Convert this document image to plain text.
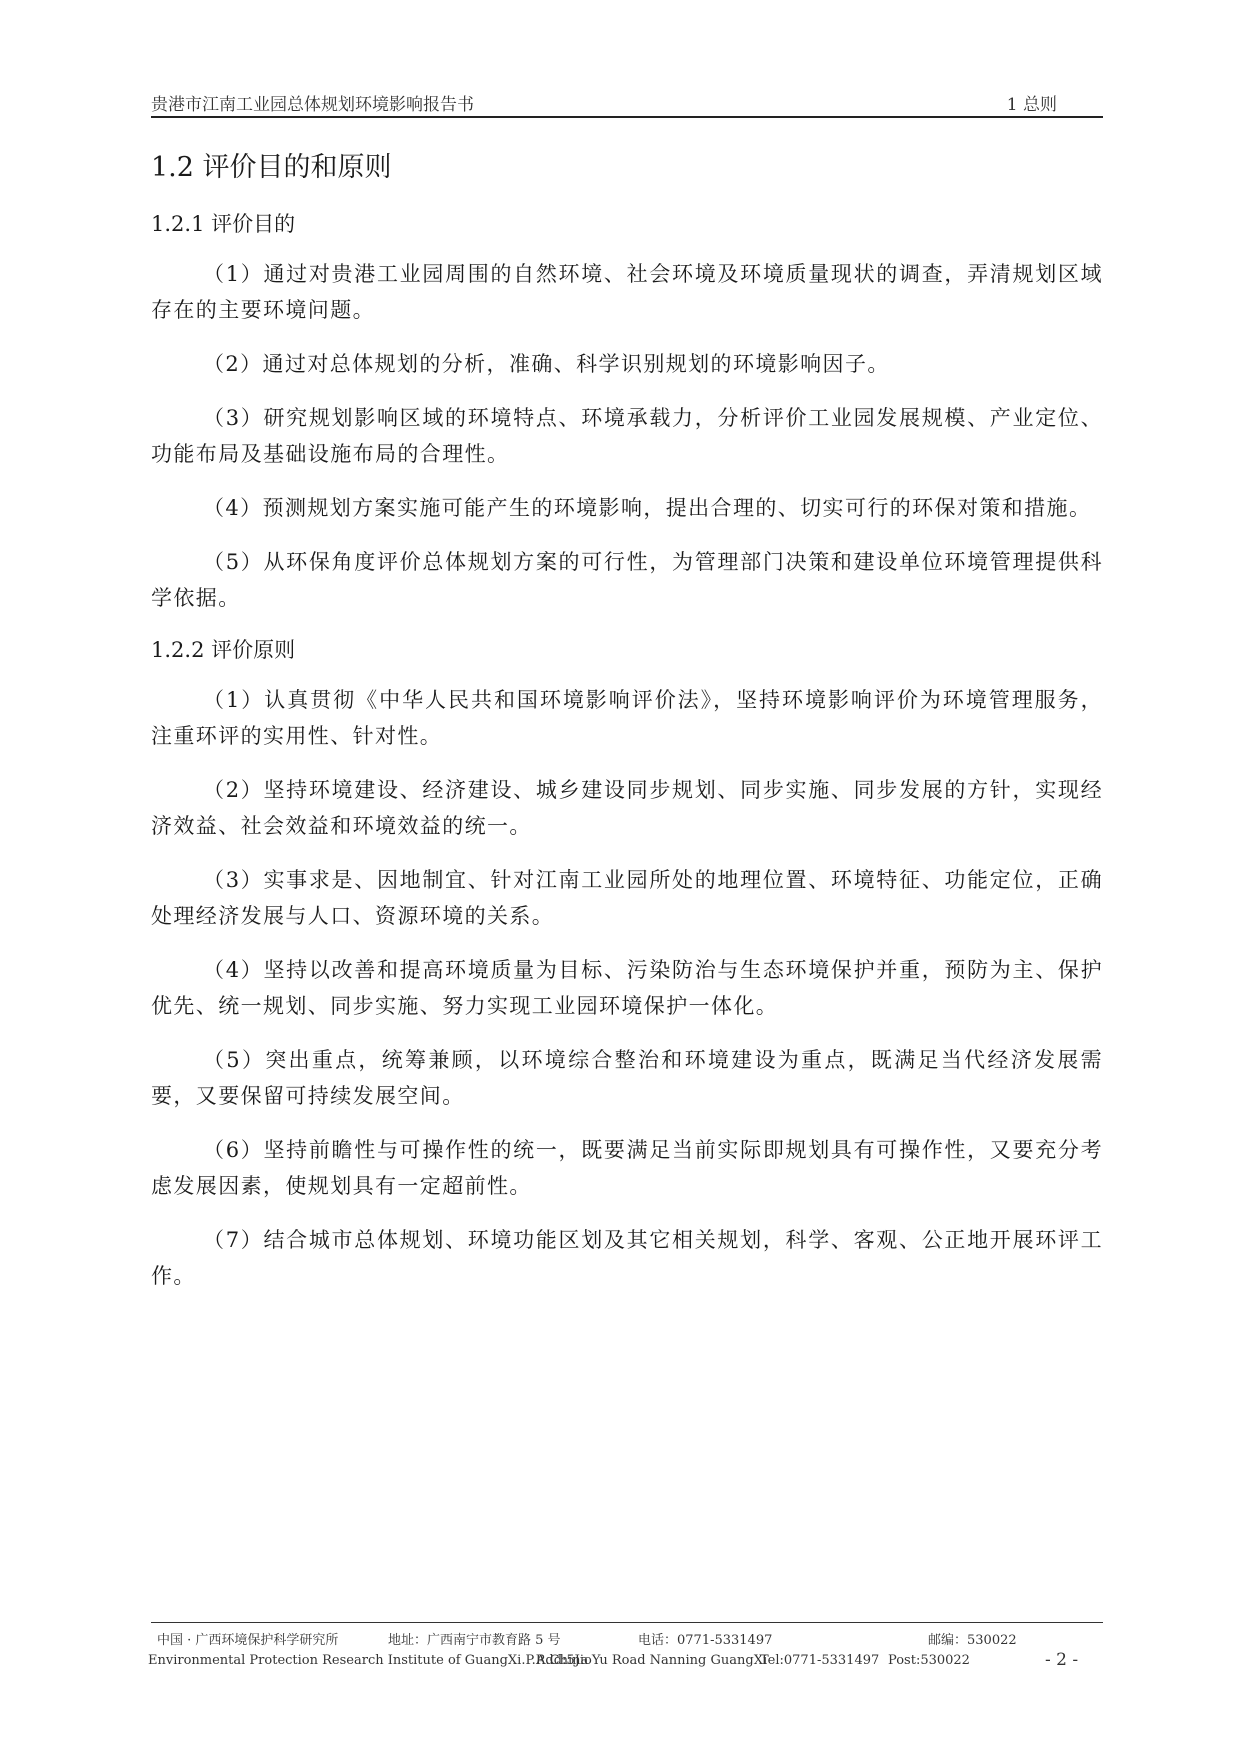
贵港市江南工业园总体规划环境影响报告书	1 总则
1.2 评价目的和原则
1.2.1 评价目的

（1）通过对贵港工业园周围的自然环境、社会环境及环境质量现状的调查，弄清规划区域存在的主要环境问题。

（2）通过对总体规划的分析，准确、科学识别规划的环境影响因子。

（3）研究规划影响区域的环境特点、环境承载力，分析评价工业园发展规模、产业定位、功能布局及基础设施布局的合理性。

（4）预测规划方案实施可能产生的环境影响，提出合理的、切实可行的环保对策和措施。

（5）从环保角度评价总体规划方案的可行性，为管理部门决策和建设单位环境管理提供科学依据。

1.2.2 评价原则

（1）认真贯彻《中华人民共和国环境影响评价法》，坚持环境影响评价为环境管理服务，注重环评的实用性、针对性。

（2）坚持环境建设、经济建设、城乡建设同步规划、同步实施、同步发展的方针，实现经济效益、社会效益和环境效益的统一。

（3）实事求是、因地制宜、针对江南工业园所处的地理位置、环境特征、功能定位，正确处理经济发展与人口、资源环境的关系。

（4）坚持以改善和提高环境质量为目标、污染防治与生态环境保护并重，预防为主、保护优先、统一规划、同步实施、努力实现工业园环境保护一体化。

（5）突出重点，统筹兼顾，以环境综合整治和环境建设为重点，既满足当代经济发展需要，又要保留可持续发展空间。

（6）坚持前瞻性与可操作性的统一，既要满足当前实际即规划具有可操作性，又要充分考虑发展因素，使规划具有一定超前性。

（7）结合城市总体规划、环境功能区划及其它相关规划，科学、客观、公正地开展环评工作。

中国 · 广西环境保护科学研究所	地址：广西南宁市教育路 5 号	电话：0771-5331497	邮编：530022
Environmental Protection Research Institute of GuangXi.P.R.China
Add:5JioYu Road Nanning GuangXi
Tel:0771-5331497 Post:530022	- 2 -
